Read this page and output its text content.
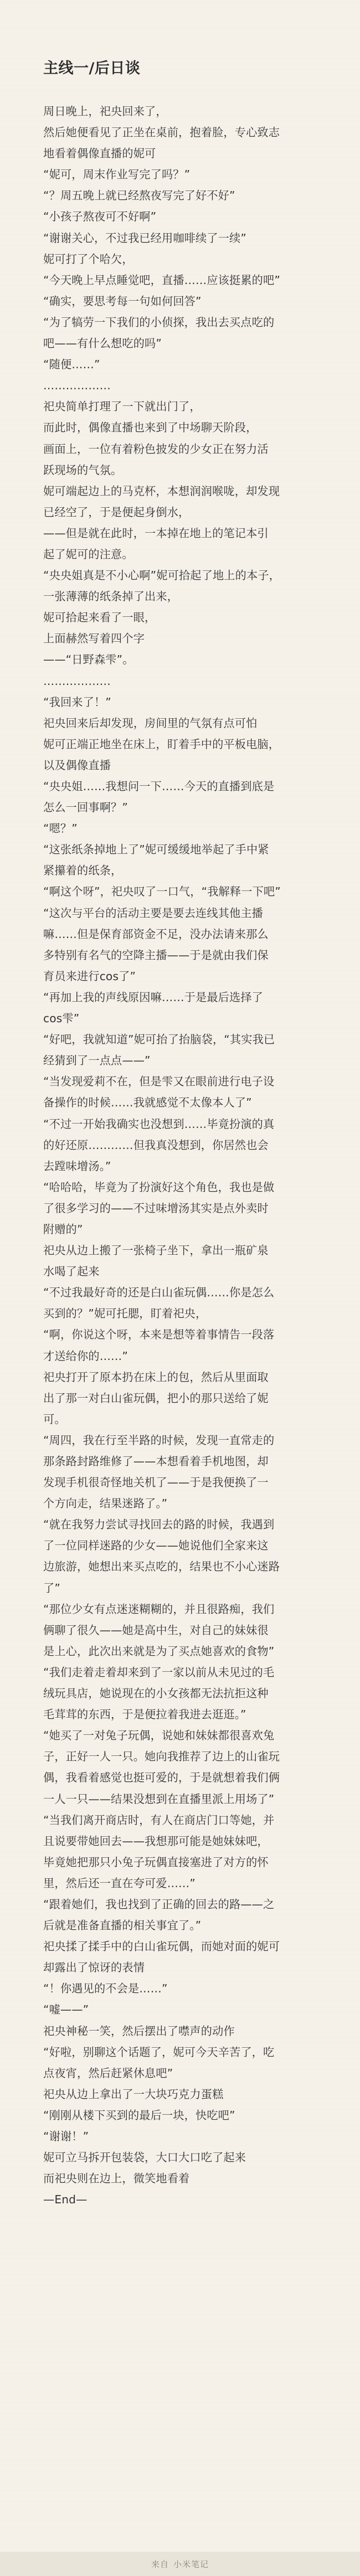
主线一/后日谈
周日晚上，祀央回来了，
然后她便看见了正坐在桌前，抱着脸，专心致志
地看着偶像直播的妮可
“妮可，周末作业写完了吗？”
“？周五晚上就已经熬夜写完了好不好”
“小孩子熬夜可不好啊”
“谢谢关心，不过我已经用咖啡续了一续”
妮可打了个哈欠，
“今天晚上早点睡觉吧，直播……应该挺累的吧”
“确实，要思考每一句如何回答”
“为了犒劳一下我们的小侦探，我出去买点吃的
吧——有什么想吃的吗”
“随便……”
………………
祀央简单打理了一下就出门了，
而此时，偶像直播也来到了中场聊天阶段，
画面上，一位有着粉色披发的少女正在努力活
跃现场的气氛。
妮可端起边上的马克杯，本想润润喉咙，却发现
已经空了，于是便起身倒水，
——但是就在此时，一本掉在地上的笔记本引
起了妮可的注意。
“央央姐真是不小心啊”妮可拾起了地上的本子，
一张薄薄的纸条掉了出来，
妮可拾起来看了一眼，
上面赫然写着四个字
——“日野森雫”。
………………
“我回来了！”
祀央回来后却发现，房间里的气氛有点可怕
妮可正端正地坐在床上，盯着手中的平板电脑，
以及偶像直播
“央央姐……我想问一下……今天的直播到底是
怎么一回事啊？”
“嗯？”
“这张纸条掉地上了”妮可缓缓地举起了手中紧
紧攥着的纸条，
“啊这个呀”，祀央叹了一口气，“我解释一下吧”
“这次与平台的活动主要是要去连线其他主播
嘛……但是保育部资金不足，没办法请来那么
多特别有名气的空降主播——于是就由我们保
育员来进行cos了”
“再加上我的声线原因嘛……于是最后选择了
cos雫”
“好吧，我就知道”妮可抬了抬脑袋，“其实我已
经猜到了一点点——”
“当发现爱莉不在，但是雫又在眼前进行电子设
备操作的时候……我就感觉不太像本人了”
“不过一开始我确实也没想到……毕竟扮演的真
的好还原…………但我真没想到，你居然也会
去蹚味增汤。”
“哈哈哈，毕竟为了扮演好这个角色，我也是做
了很多学习的——不过味增汤其实是点外卖时
附赠的”
祀央从边上搬了一张椅子坐下，拿出一瓶矿泉
水喝了起来
“不过我最好奇的还是白山雀玩偶……你是怎么
买到的？”妮可托腮，盯着祀央，
“啊，你说这个呀，本来是想等着事情告一段落
才送给你的……”
祀央打开了原本扔在床上的包，然后从里面取
出了那一对白山雀玩偶，把小的那只送给了妮
可。
“周四，我在行至半路的时候，发现一直常走的
那条路封路维修了——本想看着手机地图，却
发现手机很奇怪地关机了——于是我便换了一
个方向走，结果迷路了。”
“就在我努力尝试寻找回去的路的时候，我遇到
了一位同样迷路的少女——她说他们全家来这
边旅游，她想出来买点吃的，结果也不小心迷路
了”
“那位少女有点迷迷糊糊的，并且很路痴，我们
俩聊了很久——她是高中生，对自己的妹妹很
是上心，此次出来就是为了买点她喜欢的食物”
“我们走着走着却来到了一家以前从未见过的毛
绒玩具店，她说现在的小女孩都无法抗拒这种
毛茸茸的东西，于是便拉着我进去逛逛。”
“她买了一对兔子玩偶，说她和妹妹都很喜欢兔
子，正好一人一只。她向我推荐了边上的山雀玩
偶，我看着感觉也挺可爱的，于是就想着我们俩
一人一只——结果没想到在直播里派上用场了”
“当我们离开商店时，有人在商店门口等她，并
且说要带她回去——我想那可能是她妹妹吧，
毕竟她把那只小兔子玩偶直接塞进了对方的怀
里，然后还一直在夸可爱……”
“跟着她们，我也找到了正确的回去的路——之
后就是准备直播的相关事宜了。”
祀央揉了揉手中的白山雀玩偶，而她对面的妮可
却露出了惊讶的表情
“！你遇见的不会是……”
“嘘——”
祀央神秘一笑，然后摆出了噤声的动作
“好啦，别聊这个话题了，妮可今天辛苦了，吃
点夜宵，然后赶紧休息吧”
祀央从边上拿出了一大块巧克力蛋糕
“刚刚从楼下买到的最后一块，快吃吧”
“谢谢！”
妮可立马拆开包装袋，大口大口吃了起来
而祀央则在边上，微笑地看着
—End—
来自 小米笔记
